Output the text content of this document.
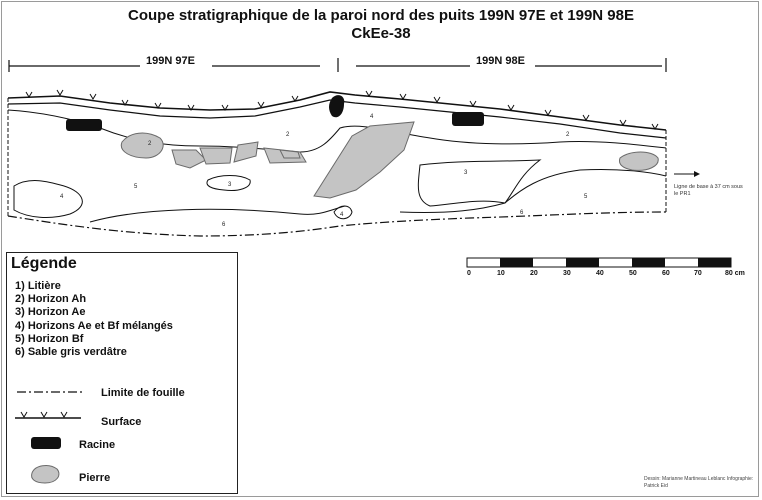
Coupe stratigraphique de la paroi nord des puits 199N 97E et 199N 98E
CkEe-38
199N 97E	199N 98E
2
2	2
3
3
4
4
4
5
5
6
6
Ligne de base à 37 cm sous le PR1
0	10	20	30	40	50	60	70	80 cm
Légende
1) Litière
2) Horizon Ah
3) Horizon Ae
4) Horizons Ae et Bf mélangés
5) Horizon Bf
6) Sable gris verdâtre
Limite de fouille
Surface
Racine
Pierre	Dessin: Marianne Martineau Leblanc Infographie: Patrick Eid
